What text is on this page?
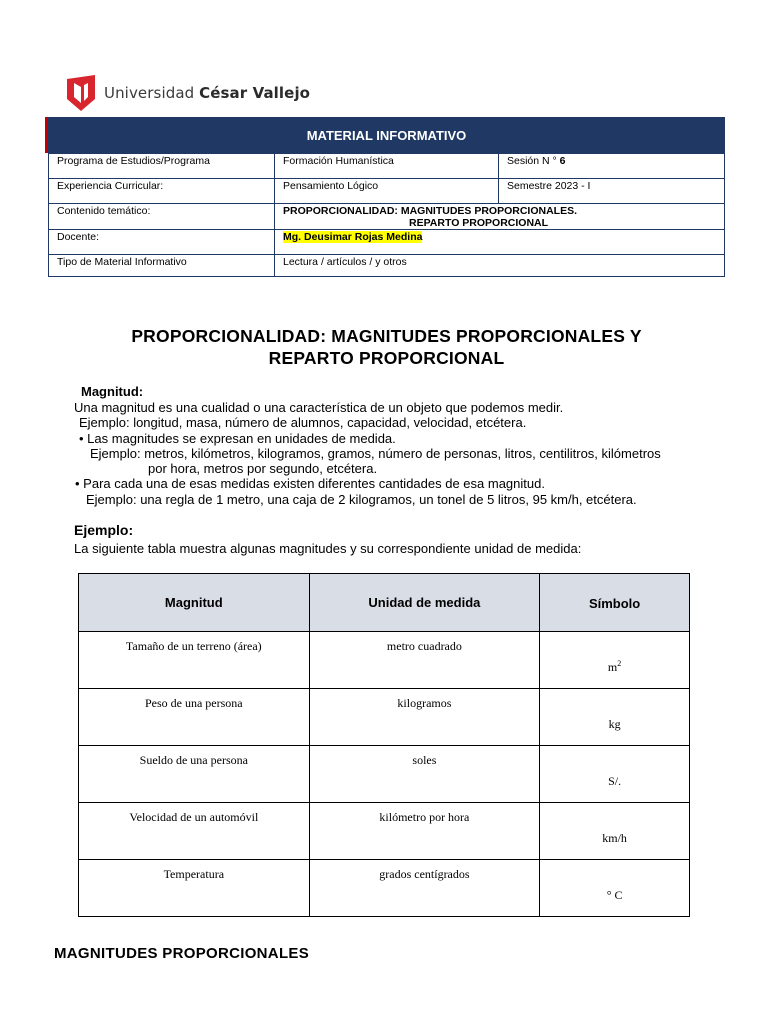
Universidad César Vallejo
MATERIAL INFORMATIVO
Programa de Estudios/Programa	Formación Humanística	Sesión N ° 6
Experiencia Curricular:	Pensamiento Lógico	Semestre 2023 - I
Contenido temático:	PROPORCIONALIDAD: MAGNITUDES PROPORCIONALES.
REPARTO PROPORCIONAL
Docente:	Mg. Deusimar Rojas Medina
Tipo de Material Informativo	Lectura / artículos / y otros
PROPORCIONALIDAD: MAGNITUDES PROPORCIONALES Y
REPARTO PROPORCIONAL
Magnitud:
Una magnitud es una cualidad o una característica de un objeto que podemos medir.
Ejemplo: longitud, masa, número de alumnos, capacidad, velocidad, etcétera.
• Las magnitudes se expresan en unidades de medida.
Ejemplo: metros, kilómetros, kilogramos, gramos, número de personas, litros, centilitros, kilómetros
por hora, metros por segundo, etcétera.
• Para cada una de esas medidas existen diferentes cantidades de esa magnitud.
Ejemplo: una regla de 1 metro, una caja de 2 kilogramos, un tonel de 5 litros, 95 km/h, etcétera.
Ejemplo:
La siguiente tabla muestra algunas magnitudes y su correspondiente unidad de medida:
Magnitud	Unidad de medida	Símbolo
Tamaño de un terreno (área)	metro cuadrado	$m^2$
Peso de una persona	kilogramos	kg
Sueldo de una persona	soles	S/.
Velocidad de un automóvil	kilómetro por hora	km/h
Temperatura	grados centígrados	° C
MAGNITUDES PROPORCIONALES
